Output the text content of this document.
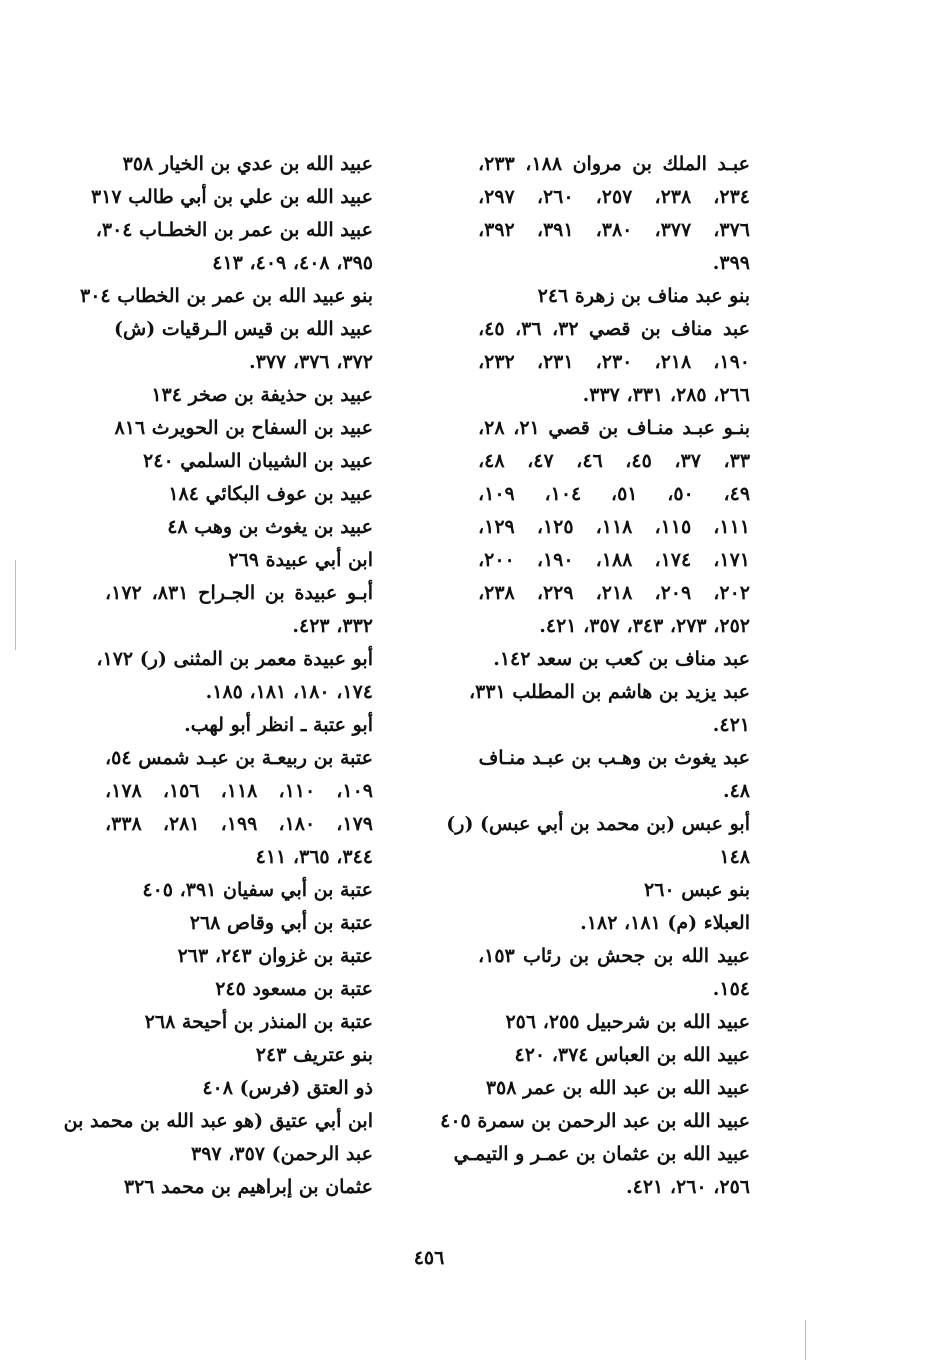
عبـد الملك بن مروان ١٨٨، ٢٣٣،
٢٣٤، ٢٣٨، ٢٥٧، ٢٦٠، ٢٩٧،
٣٧٦، ٣٧٧، ٣٨٠، ٣٩١، ٣٩٢،
٣٩٩.
بنو عبد مناف بن زهرة ٢٤٦
عبد مناف بن قصي ٣٢، ٣٦، ٤٥،
١٩٠، ٢١٨، ٢٣٠، ٢٣١، ٢٣٢،
٢٦٦، ٢٨٥، ٣٣١، ٣٣٧.
بنـو عبـد منـاف بن قصي ٢١، ٢٨،
٣٣، ٣٧، ٤٥، ٤٦، ٤٧، ٤٨،
٤٩، ٥٠، ٥١، ١٠٤، ١٠٩،
١١١، ١١٥، ١١٨، ١٢٥، ١٢٩،
١٧١، ١٧٤، ١٨٨، ١٩٠، ٢٠٠،
٢٠٢، ٢٠٩، ٢١٨، ٢٢٩، ٢٣٨،
٢٥٢، ٢٧٣، ٣٤٣، ٣٥٧، ٤٢١.
عبد مناف بن كعب بن سعد ١٤٢.
عبد يزيد بن هاشم بن المطلب ٣٣١،
٤٢١.
عبد يغوث بن وهـب بن عبـد منـاف
٤٨.
أبو عبس (بن محمد بن أبي عبس) (ر)
١٤٨
بنو عبس ٢٦٠
العبلاء (م) ١٨١، ١٨٢.
عبيد الله بن جحش بن رئاب ١٥٣،
١٥٤.
عبيد الله بن شرحبيل ٢٥٥، ٢٥٦
عبيد الله بن العباس ٣٧٤، ٤٢٠
عبيد الله بن عبد الله بن عمر ٣٥٨
عبيد الله بن عبد الرحمن بن سمرة ٤٠٥
عبيد الله بن عثمان بن عمـر و التيمـي
٢٥٦، ٢٦٠، ٤٢١.
عبيد الله بن عدي بن الخيار ٣٥٨
عبيد الله بن علي بن أبي طالب ٣١٧
عبيد الله بن عمر بن الخطـاب ٣٠٤،
٣٩٥، ٤٠٨، ٤٠٩، ٤١٣
بنو عبيد الله بن عمر بن الخطاب ٣٠٤
عبيد الله بن قيس الـرقيات (ش)
٣٧٢، ٣٧٦، ٣٧٧.
عبيد بن حذيفة بن صخر ١٣٤
عبيد بن السفاح بن الحويرث ٨١٦
عبيد بن الشيبان السلمي ٢٤٠
عبيد بن عوف البكائي ١٨٤
عبيد بن يغوث بن وهب ٤٨
ابن أبي عبيدة ٢٦٩
أبـو عبيدة بن الجـراح ٨٣١، ١٧٢،
٣٣٢، ٤٢٣.
أبو عبيدة معمر بن المثنى (ر) ١٧٢،
١٧٤، ١٨٠، ١٨١، ١٨٥.
أبو عتبة ـ انظر أبو لهب.
عتبة بن ربيعـة بن عبـد شمس ٥٤،
١٠٩، ١١٠، ١١٨، ١٥٦، ١٧٨،
١٧٩، ١٨٠، ١٩٩، ٢٨١، ٣٣٨،
٣٤٤، ٣٦٥، ٤١١
عتبة بن أبي سفيان ٣٩١، ٤٠٥
عتبة بن أبي وقاص ٢٦٨
عتبة بن غزوان ٢٤٣، ٢٦٣
عتبة بن مسعود ٢٤٥
عتبة بن المنذر بن أحيحة ٢٦٨
بنو عتريف ٢٤٣
ذو العتق (فرس) ٤٠٨
ابن أبي عتيق (هو عبد الله بن محمد بن
عبد الرحمن) ٣٥٧، ٣٩٧
عثمان بن إبراهيم بن محمد ٣٢٦
٤٥٦
